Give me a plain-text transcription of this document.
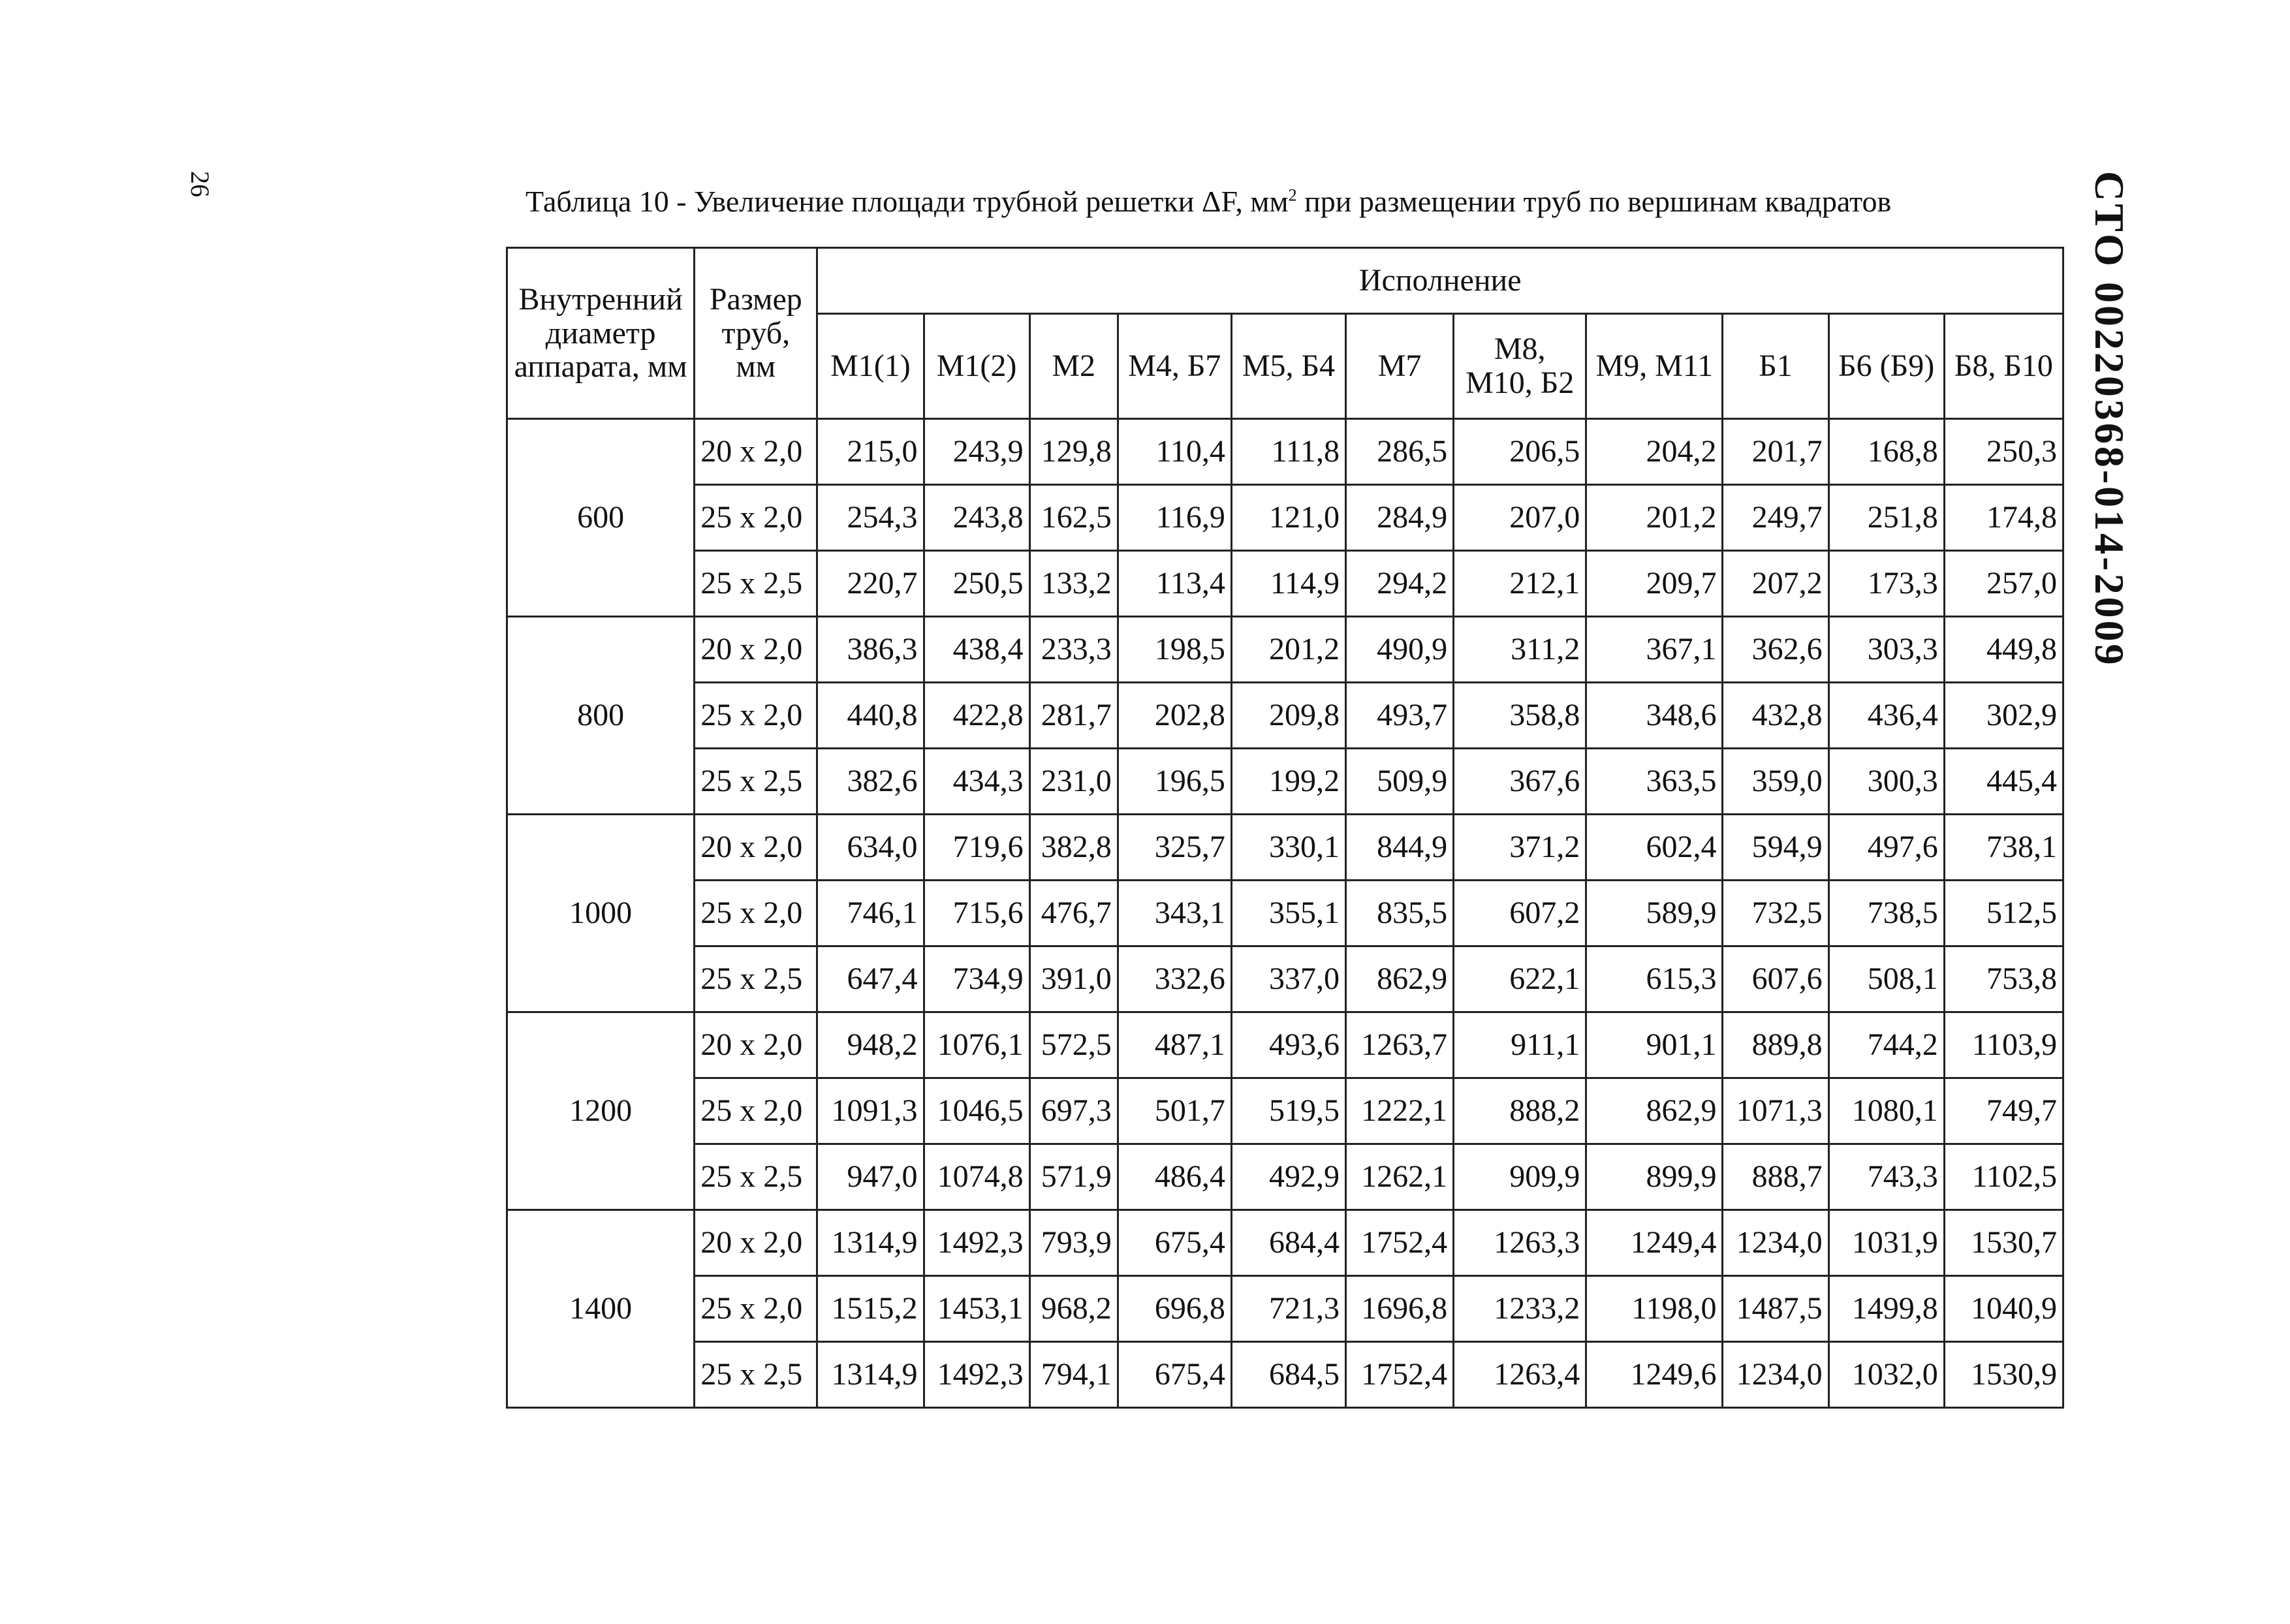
26	СТО 00220368-014-2009
Таблица 10 - Увеличение площади трубной решетки ΔF, $мм^2$ при размещении труб по вершинам квадратов
Внутренний диаметр аппарата, мм	Размер труб, мм	Исполнение										
		М1(1)	М1(2)	М2	М4, Б7	М5, Б4	М7	М8, М10, Б2	М9, М11	Б1	Б6 (Б9)	Б8, Б10
600	20 х 2,0	215,0	243,9	129,8	110,4	111,8	286,5	206,5	204,2	201,7	168,8	250,3
	25 х 2,0	254,3	243,8	162,5	116,9	121,0	284,9	207,0	201,2	249,7	251,8	174,8
	25 х 2,5	220,7	250,5	133,2	113,4	114,9	294,2	212,1	209,7	207,2	173,3	257,0
800	20 х 2,0	386,3	438,4	233,3	198,5	201,2	490,9	311,2	367,1	362,6	303,3	449,8
	25 х 2,0	440,8	422,8	281,7	202,8	209,8	493,7	358,8	348,6	432,8	436,4	302,9
	25 х 2,5	382,6	434,3	231,0	196,5	199,2	509,9	367,6	363,5	359,0	300,3	445,4
1000	20 х 2,0	634,0	719,6	382,8	325,7	330,1	844,9	371,2	602,4	594,9	497,6	738,1
	25 х 2,0	746,1	715,6	476,7	343,1	355,1	835,5	607,2	589,9	732,5	738,5	512,5
	25 х 2,5	647,4	734,9	391,0	332,6	337,0	862,9	622,1	615,3	607,6	508,1	753,8
1200	20 х 2,0	948,2	1076,1	572,5	487,1	493,6	1263,7	911,1	901,1	889,8	744,2	1103,9
	25 х 2,0	1091,3	1046,5	697,3	501,7	519,5	1222,1	888,2	862,9	1071,3	1080,1	749,7
	25 х 2,5	947,0	1074,8	571,9	486,4	492,9	1262,1	909,9	899,9	888,7	743,3	1102,5
1400	20 х 2,0	1314,9	1492,3	793,9	675,4	684,4	1752,4	1263,3	1249,4	1234,0	1031,9	1530,7
	25 х 2,0	1515,2	1453,1	968,2	696,8	721,3	1696,8	1233,2	1198,0	1487,5	1499,8	1040,9
	25 х 2,5	1314,9	1492,3	794,1	675,4	684,5	1752,4	1263,4	1249,6	1234,0	1032,0	1530,9
